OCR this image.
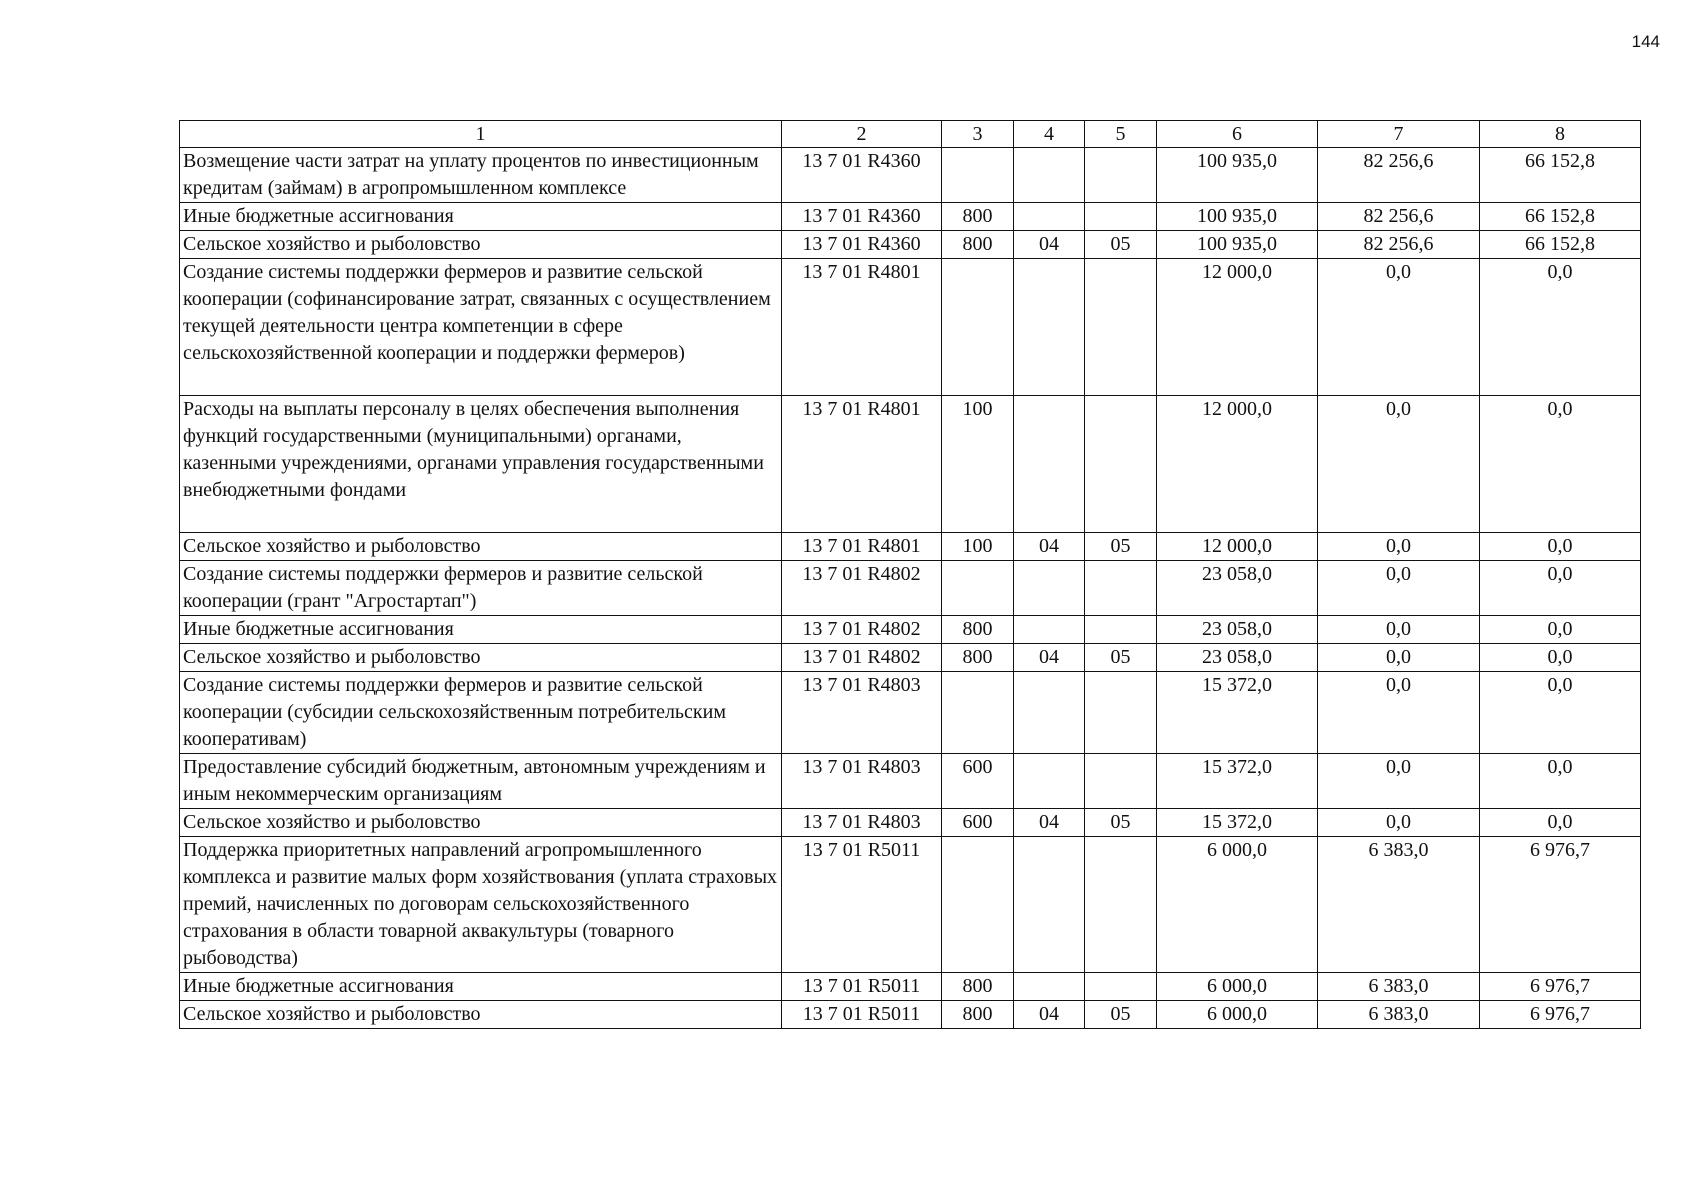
144
1	2	3	4	5	6	7	8
Возмещение части затрат на уплату процентов по инвестиционным кредитам (займам) в агропромышленном комплексе	13 7 01 R4360				100 935,0	82 256,6	66 152,8
Иные бюджетные ассигнования	13 7 01 R4360	800			100 935,0	82 256,6	66 152,8
Сельское хозяйство и рыболовство	13 7 01 R4360	800	04	05	100 935,0	82 256,6	66 152,8
Создание системы поддержки фермеров и развитие сельской кооперации (софинансирование затрат, связанных с осуществлением текущей деятельности центра компетенции в сфере сельскохозяйственной кооперации и поддержки фермеров)	13 7 01 R4801				12 000,0	0,0	0,0
Расходы на выплаты персоналу в целях обеспечения выполнения функций государственными (муниципальными) органами, казенными учреждениями, органами управления государственными внебюджетными фондами	13 7 01 R4801	100			12 000,0	0,0	0,0
Сельское хозяйство и рыболовство	13 7 01 R4801	100	04	05	12 000,0	0,0	0,0
Создание системы поддержки фермеров и развитие сельской кооперации (грант "Агростартап")	13 7 01 R4802				23 058,0	0,0	0,0
Иные бюджетные ассигнования	13 7 01 R4802	800			23 058,0	0,0	0,0
Сельское хозяйство и рыболовство	13 7 01 R4802	800	04	05	23 058,0	0,0	0,0
Создание системы поддержки фермеров и развитие сельской кооперации (субсидии сельскохозяйственным потребительским кооперативам)	13 7 01 R4803				15 372,0	0,0	0,0
Предоставление субсидий бюджетным, автономным учреждениям и иным некоммерческим организациям	13 7 01 R4803	600			15 372,0	0,0	0,0
Сельское хозяйство и рыболовство	13 7 01 R4803	600	04	05	15 372,0	0,0	0,0
Поддержка приоритетных направлений агропромышленного комплекса и развитие малых форм хозяйствования (уплата страховых премий, начисленных по договорам сельскохозяйственного страхования в области товарной аквакультуры (товарного рыбоводства)	13 7 01 R5011				6 000,0	6 383,0	6 976,7
Иные бюджетные ассигнования	13 7 01 R5011	800			6 000,0	6 383,0	6 976,7
Сельское хозяйство и рыболовство	13 7 01 R5011	800	04	05	6 000,0	6 383,0	6 976,7
